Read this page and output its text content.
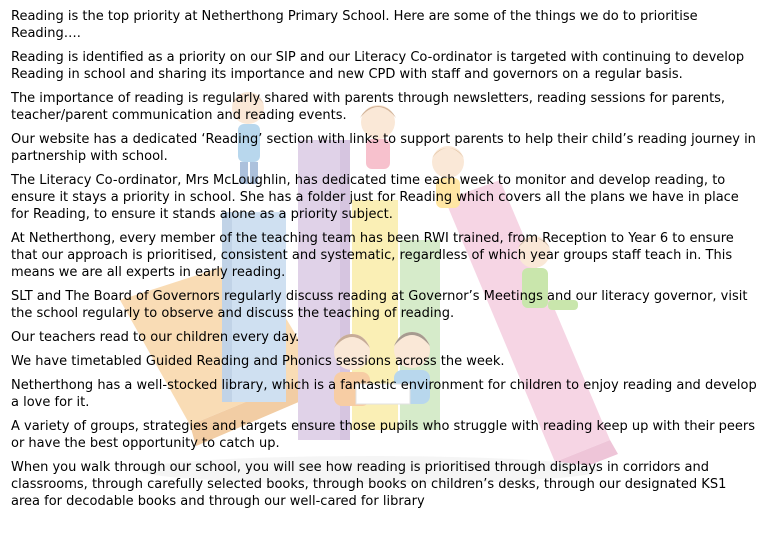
Reading is the top priority at Netherthong Primary School. Here are some of the things we do to prioritise Reading….

Reading is identified as a priority on our SIP and our Literacy Co-ordinator is targeted with continuing to develop Reading in school and sharing its importance and new CPD with staff and governors on a regular basis.

The importance of reading is regularly shared with parents through newsletters, reading sessions for parents, teacher/parent communication and reading events.

Our website has a dedicated ‘Reading’ section with links to support parents to help their child’s reading journey in partnership with school.

The Literacy Co-ordinator, Mrs McLoughlin, has dedicated time each week to monitor and develop reading, to ensure it stays a priority in school. She has a folder just for Reading which covers all the plans we have in place for Reading, to ensure it stands alone as a priority subject.

At Netherthong, every member of the teaching team has been RWI trained, from Reception to Year 6 to ensure that our approach is prioritised, consistent and systematic, regardless of which year groups staff teach in. This means we are all experts in early reading.

SLT and The Board of Governors regularly discuss reading at Governor’s Meetings and our literacy governor, visit the school regularly to observe and discuss the teaching of reading.

Our teachers read to our children every day.

We have timetabled Guided Reading and Phonics sessions across the week.

Netherthong has a well-stocked library, which is a fantastic environment for children to enjoy reading and develop a love for it.

A variety of groups, strategies and targets ensure those pupils who struggle with reading keep up with their peers or have the best opportunity to catch up.

When you walk through our school, you will see how reading is prioritised through displays in corridors and classrooms, through carefully selected books, through books on children’s desks, through our designated KS1 area for decodable books and through our well-cared for library
